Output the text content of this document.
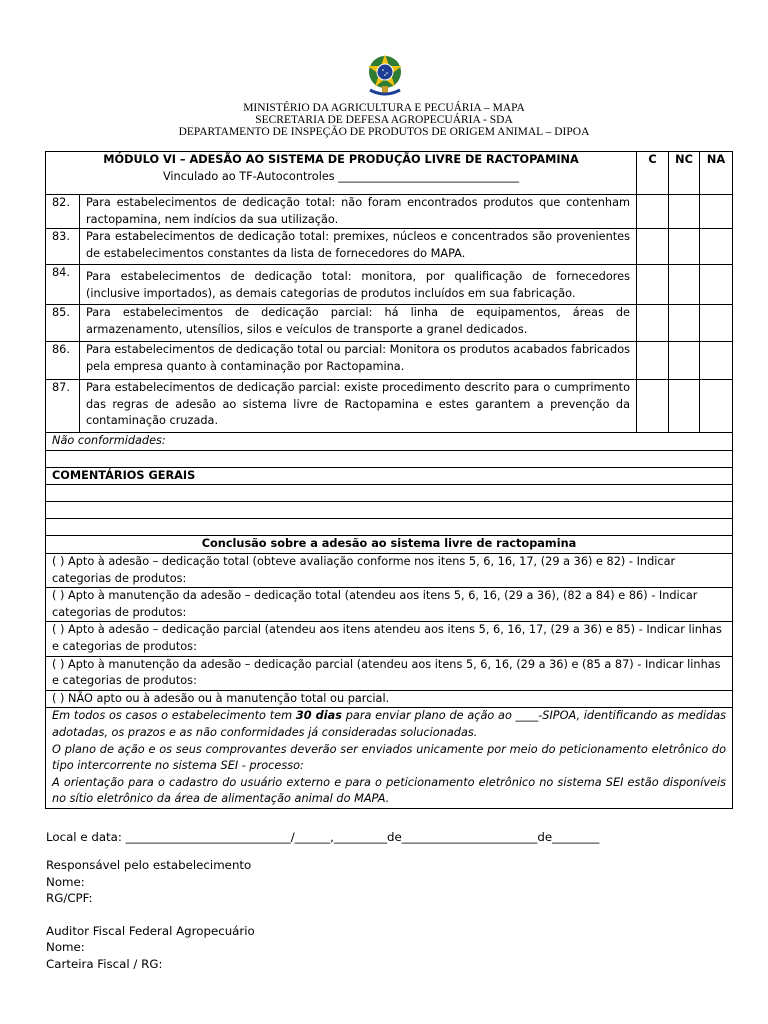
MINISTÉRIO DA AGRICULTURA E PECUÁRIA – MAPA
SECRETARIA DE DEFESA AGROPECUÁRIA - SDA
DEPARTAMENTO DE INSPEÇÃO DE PRODUTOS DE ORIGEM ANIMAL – DIPOA
MÓDULO VI – ADESÃO AO SISTEMA DE PRODUÇÃO LIVRE DE RACTOPAMINA
Vinculado ao TF-Autocontroles ________________________________		C	NC	NA
82.	Para estabelecimentos de dedicação total: não foram encontrados produtos que contenham ractopamina, nem indícios da sua utilização.			
83.	Para estabelecimentos de dedicação total: premixes, núcleos e concentrados são provenientes de estabelecimentos constantes da lista de fornecedores do MAPA.			
84.	Para estabelecimentos de dedicação total: monitora, por qualificação de fornecedores (inclusive importados), as demais categorias de produtos incluídos em sua fabricação.			
85.	Para estabelecimentos de dedicação parcial: há linha de equipamentos, áreas de armazenamento, utensílios, silos e veículos de transporte a granel dedicados.			
86.	Para estabelecimentos de dedicação total ou parcial: Monitora os produtos acabados fabricados pela empresa quanto à contaminação por Ractopamina.			
87.	Para estabelecimentos de dedicação parcial: existe procedimento descrito para o cumprimento das regras de adesão ao sistema livre de Ractopamina e estes garantem a prevenção da contaminação cruzada.			
Não conformidades:				

COMENTÁRIOS GERAIS				

Conclusão sobre a adesão ao sistema livre de ractopamina				
( ) Apto à adesão – dedicação total (obteve avaliação conforme nos itens 5, 6, 16, 17, (29 a 36) e 82) - Indicar categorias de produtos:				
( ) Apto à manutenção da adesão – dedicação total (atendeu aos itens 5, 6, 16, (29 a 36), (82 a 84) e 86) - Indicar categorias de produtos:				
( ) Apto à adesão – dedicação parcial (atendeu aos itens atendeu aos itens 5, 6, 16, 17, (29 a 36) e 85) - Indicar linhas e categorias de produtos:				
( ) Apto à manutenção da adesão – dedicação parcial (atendeu aos itens 5, 6, 16, (29 a 36) e (85 a 87) - Indicar linhas e categorias de produtos:				
( ) NÃO apto ou à adesão ou à manutenção total ou parcial.				

Em todos os casos o estabelecimento tem 30 dias para enviar plano de ação ao ____-SIPOA, identificando as medidas adotadas, os prazos e as não conformidades já consideradas solucionadas.

O plano de ação e os seus comprovantes deverão ser enviados unicamente por meio do peticionamento eletrônico do tipo intercorrente no sistema SEI - processo:

A orientação para o cadastro do usuário externo e para o peticionamento eletrônico no sistema SEI estão disponíveis no sítio eletrônico da área de alimentação animal do MAPA.				

Local e data: ____________________________/______,_________de_______________________de________
Responsável pelo estabelecimento
Nome:
RG/CPF:
Auditor Fiscal Federal Agropecuário
Nome:
Carteira Fiscal / RG:
